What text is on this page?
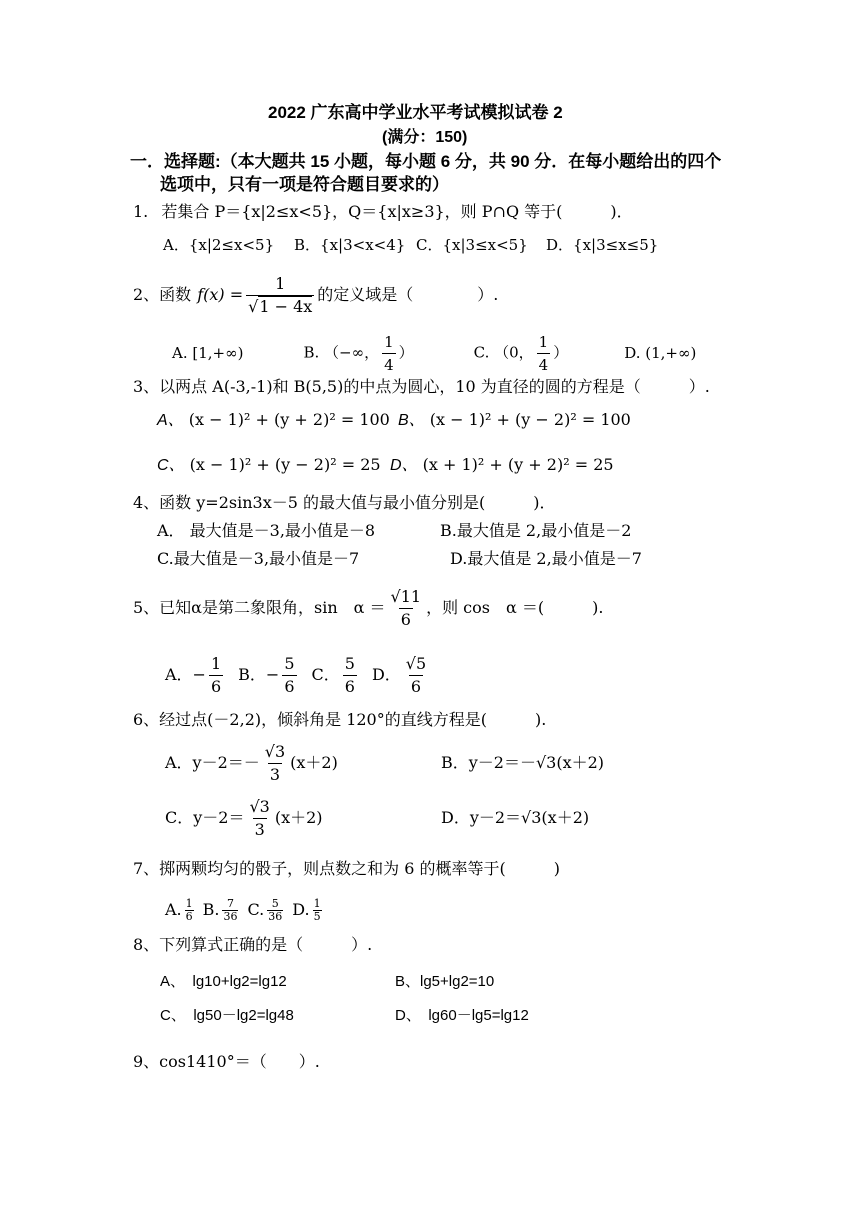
2022 广东高中学业水平考试模拟试卷 2
(满分：150)
一．选择题:（本大题共 15 小题，每小题 6 分，共 90 分．在每小题给出的四个
选项中，只有一项是符合题目要求的）
1. 若集合 P＝{x|2≤x<5}，Q＝{x|x≥3}，则 P∩Q 等于(　　　)．
A．{x|2≤x<5} B．{x|3<x<4} C．{x|3≤x<5} D．{x|3≤x≤5}
2、函数 $f(x) = \frac{1}{√1 - 4x}$ 的定义域是（　　　　）.
A. [1,+∞)	B. （−∞， $\frac{1}{4}$ ）	C. （0， $\frac{1}{4}$ ）	D. (1,+∞)
3、以两点 A(-3,-1)和 B(5,5)的中点为圆心，10 为直径的圆的方程是（　　　）.
A、 (x − 1)² + (y + 2)² = 100 B、 (x − 1)² + (y − 2)² = 100
C、 (x − 1)² + (y − 2)² = 25 D、 (x + 1)² + (y + 2)² = 25
4、函数 y=2sin3x－5 的最大值与最小值分别是(　　　)．
A． 最大值是－3,最小值是－8	B.最大值是 2,最小值是－2
C.最大值是－3,最小值是－7	D.最大值是 2,最小值是－7
5、已知α是第二象限角，sin　$\alpha = \frac{√11}{6}$ ，则 cos　α ＝(　　　).
A．− $\frac{1}{6}$ B．− $\frac{5}{6}$ C． $\frac{5}{6}$ D． $\frac{√5}{6}$
6、经过点(－2,2)，倾斜角是 120°的直线方程是(　　　).
A．$y-2=- \frac{√3}{3} (x+2)$	B．y－2＝－√3(x＋2)
C．$y-2= \frac{√3}{3} (x+2)$	D．y－2＝√3(x＋2)
7、掷两颗均匀的骰子，则点数之和为 6 的概率等于(　　　)
A. $\frac{1}{6} B$. $\frac{7}{36} C$. $\frac{5}{36} D$. $\frac{1}{5}$
8、下列算式正确的是（　　　）.
A、　lg10+lg2=lg12	B、lg5+lg2=10
C、　lg50－lg2=lg48	D、　lg60－lg5=lg12
9、cos1410°＝（　　）.
